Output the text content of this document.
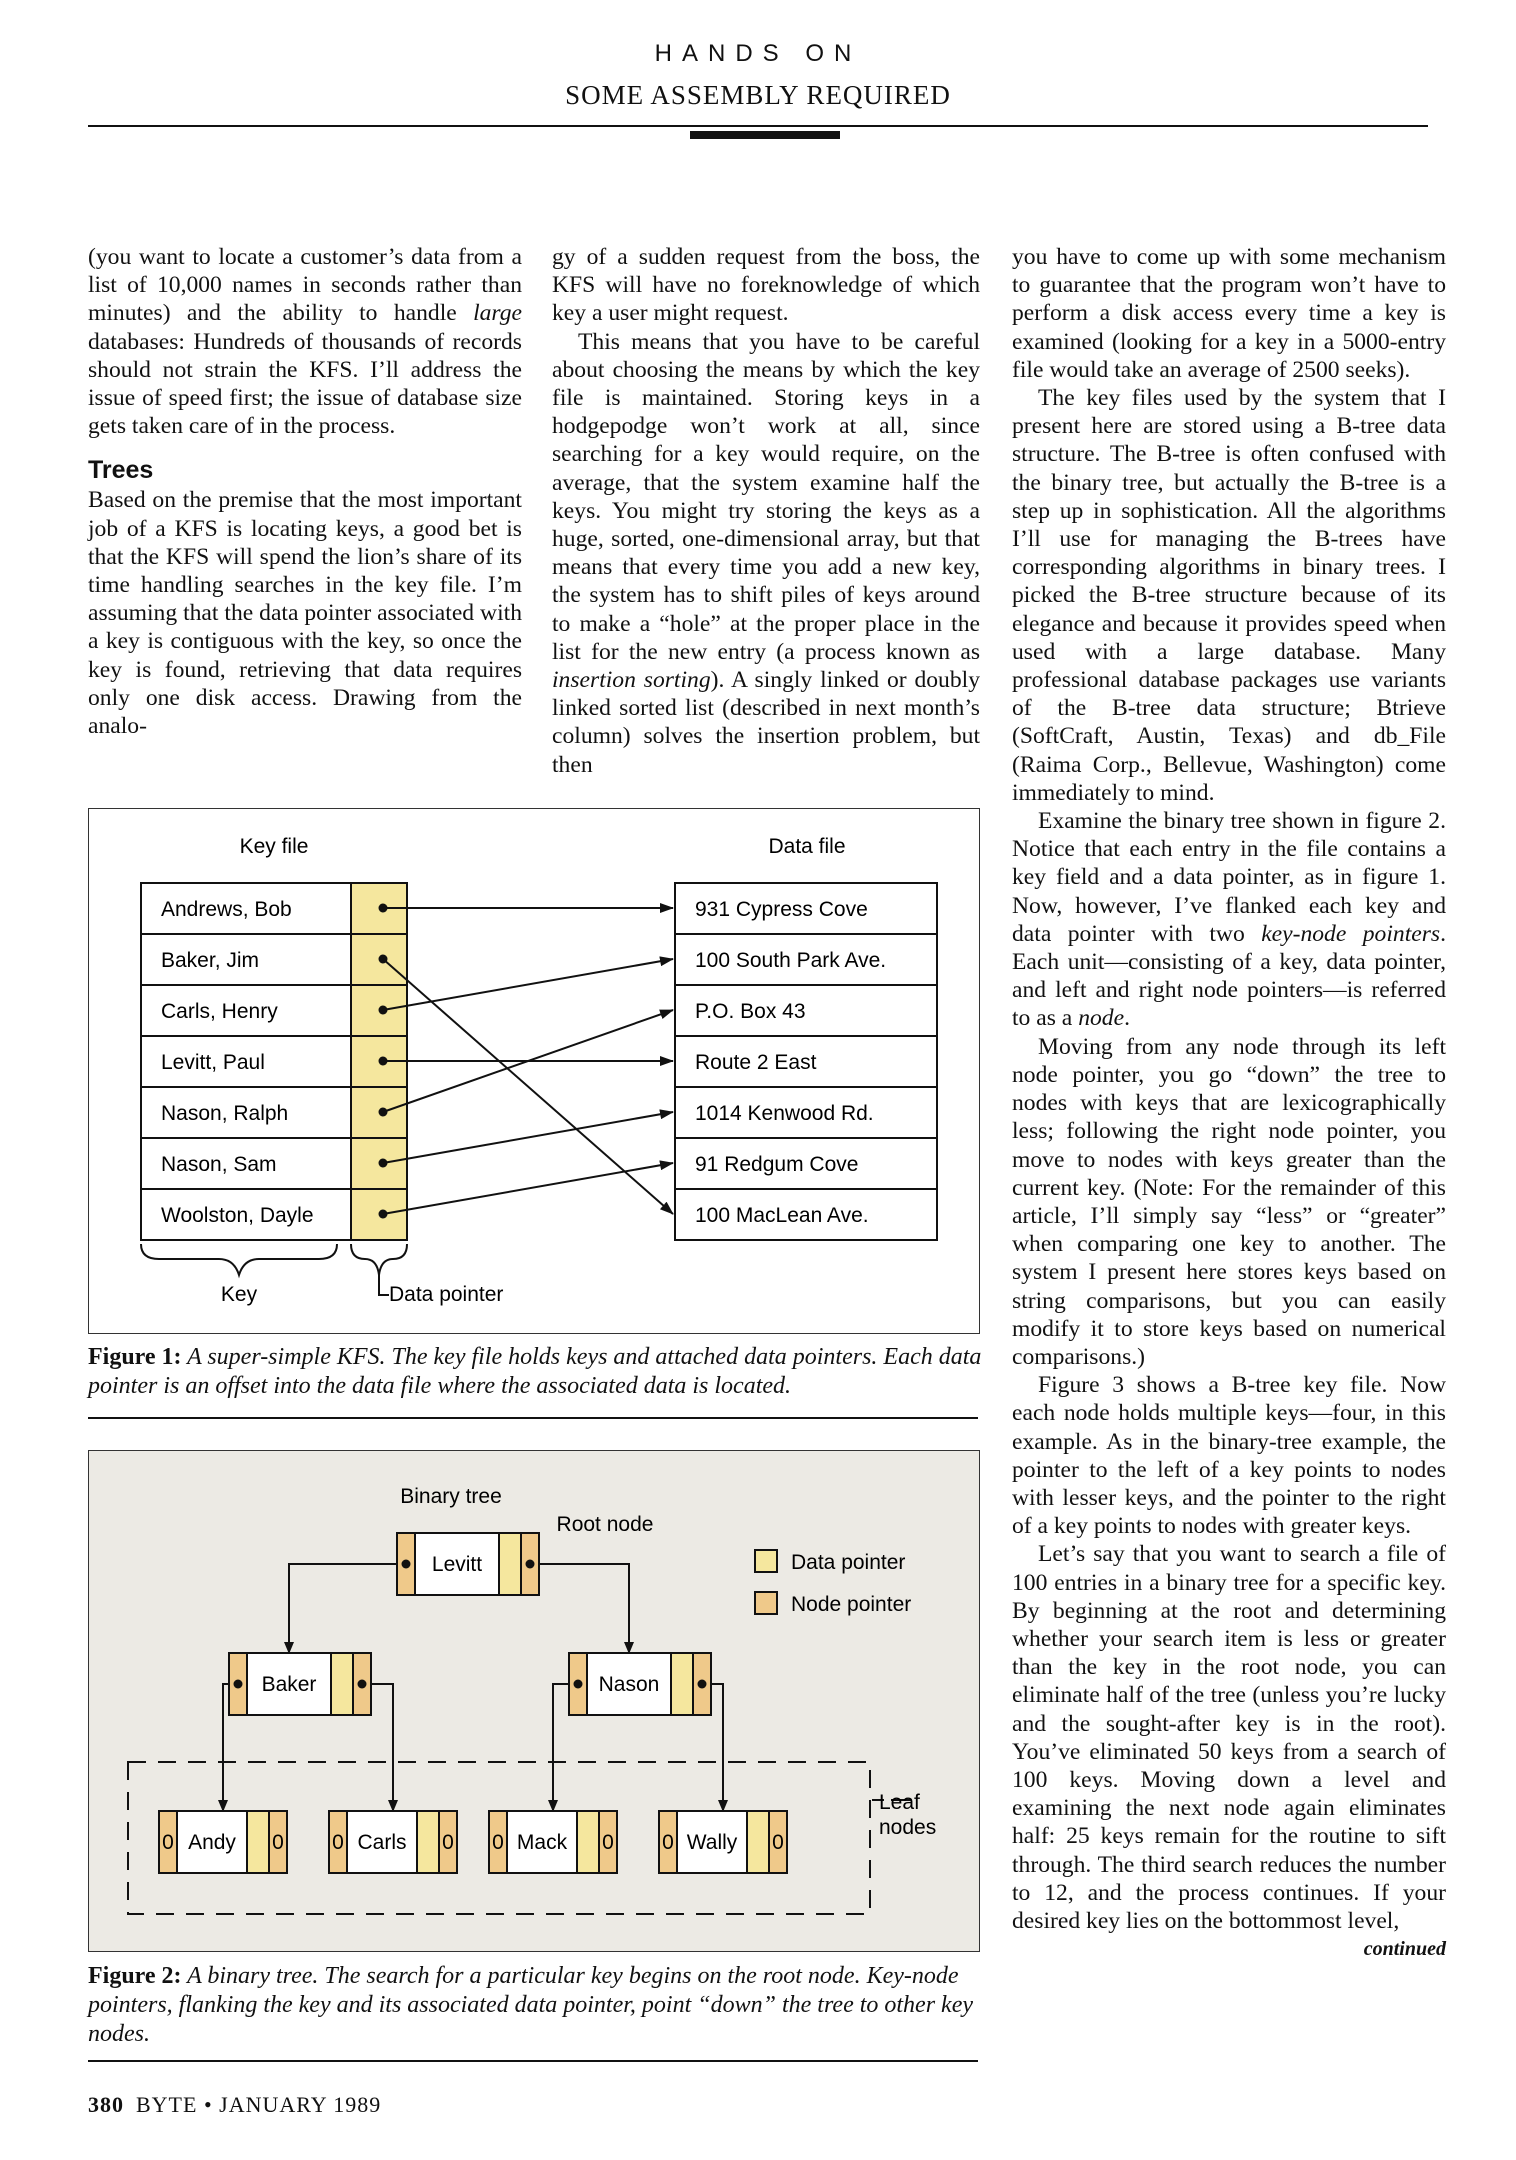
HANDS ON
SOME ASSEMBLY REQUIRED

(you want to locate a customer’s data from a list of 10,000 names in seconds rather than minutes) and the ability to handle large databases: Hundreds of thousands of records should not strain the KFS. I’ll address the issue of speed first; the issue of database size gets taken care of in the process.

Trees

Based on the premise that the most important job of a KFS is locating keys, a good bet is that the KFS will spend the lion’s share of its time handling searches in the key file. I’m assuming that the data pointer associated with a key is contiguous with the key, so once the key is found, retrieving that data requires only one disk access. Drawing from the analo-

gy of a sudden request from the boss, the KFS will have no foreknowledge of which key a user might request.

This means that you have to be careful about choosing the means by which the key file is maintained. Storing keys in a hodgepodge won’t work at all, since searching for a key would require, on the average, that the system examine half the keys. You might try storing the keys as a huge, sorted, one-dimensional array, but that means that every time you add a new key, the system has to shift piles of keys around to make a “hole” at the proper place in the list for the new entry (a process known as insertion sorting). A singly linked or doubly linked sorted list (described in next month’s column) solves the insertion problem, but then

you have to come up with some mechanism to guarantee that the program won’t have to perform a disk access every time a key is examined (looking for a key in a 5000-entry file would take an average of 2500 seeks).

The key files used by the system that I present here are stored using a B-tree data structure. The B-tree is often confused with the binary tree, but actually the B-tree is a step up in sophistication. All the algorithms I’ll use for managing the B-trees have corresponding algorithms in binary trees. I picked the B-tree structure because of its elegance and because it provides speed when used with a large database. Many professional database packages use variants of the B-tree data structure; Btrieve (SoftCraft, Austin, Texas) and db_File (Raima Corp., Bellevue, Washington) come immediately to mind.

Examine the binary tree shown in figure 2. Notice that each entry in the file contains a key field and a data pointer, as in figure 1. Now, however, I’ve flanked each key and data pointer with two key-node pointers. Each unit—consisting of a key, data pointer, and left and right node pointers—is referred to as a node.

Moving from any node through its left node pointer, you go “down” the tree to nodes with keys that are lexicographically less; following the right node pointer, you move to nodes with keys greater than the current key. (Note: For the remainder of this article, I’ll simply say “less” or “greater” when comparing one key to another. The system I present here stores keys based on string comparisons, but you can easily modify it to store keys based on numerical comparisons.)

Figure 3 shows a B-tree key file. Now each node holds multiple keys—four, in this example. As in the binary-tree example, the pointer to the left of a key points to nodes with lesser keys, and the pointer to the right of a key points to nodes with greater keys.

Let’s say that you want to search a file of 100 entries in a binary tree for a specific key. By beginning at the root and determining whether your search item is less or greater than the key in the root node, you can eliminate half of the tree (unless you’re lucky and the sought-after key is in the root). You’ve eliminated 50 keys from a search of 100 keys. Moving down a level and examining the next node again eliminates half: 25 keys remain for the routine to sift through. The third search reduces the number to 12, and the process continues. If your desired key lies on the bottommost level,

continued
Key file	Data file
Andrews, Bob
Baker, Jim
Carls, Henry
Levitt, Paul
Nason, Ralph
Nason, Sam
Woolston, Dayle
931 Cypress Cove
100 South Park Ave.
P.O. Box 43
Route 2 East
1014 Kenwood Rd.
91 Redgum Cove
100 MacLean Ave.
Key	Data pointer
Figure 1: A super-simple KFS. The key file holds keys and attached data pointers. Each data pointer is an offset into the data file where the associated data is located.
Binary tree
Root node
Data pointer
Node pointer
Levitt
Baker	Nason
Andy
0	0	Carls
0	0	Mack
0	0	Wally
0	0
Leaf
nodes
Figure 2: A binary tree. The search for a particular key begins on the root node. Key-node pointers, flanking the key and its associated data pointer, point “down” the tree to other key nodes.
380 BYTE • JANUARY 1989
